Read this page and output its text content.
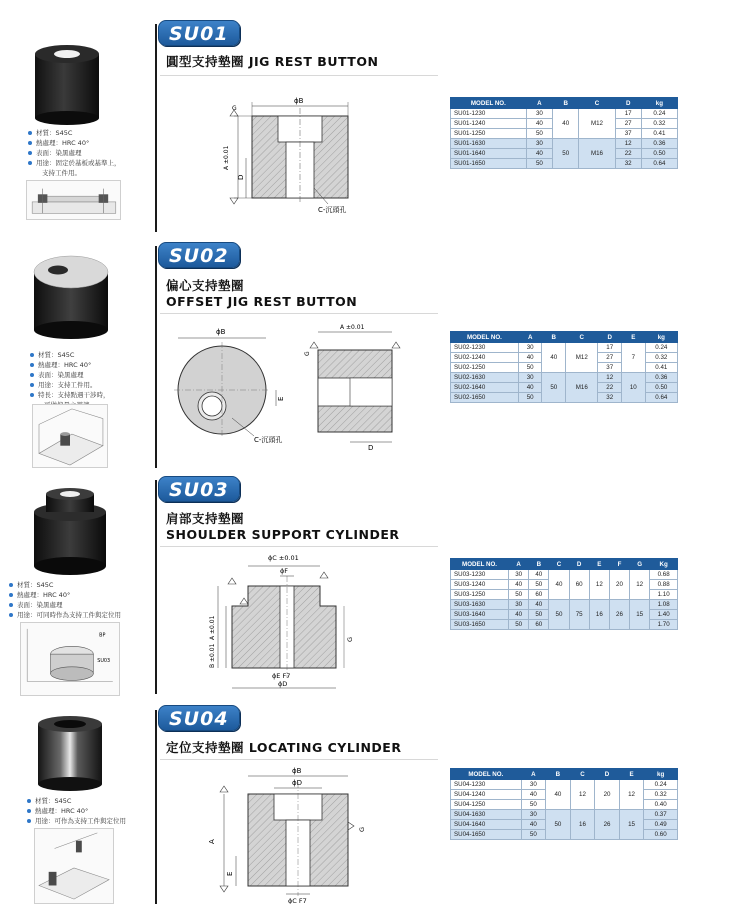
SU01
圓型支持墊圈 JIG REST BUTTON
材質：S45C
熱處理：HRC 40°
表面：染黑處理
用途：固定於基板或基準上，
支持工件用。
ϕB
A ±0.01
D
G
C-沉頭孔
MODEL NO.	A	B	C	D	kg
SU01-1230	30	40	M12	17	0.24
SU01-1240	40			27	0.32
SU01-1250	50			37	0.41
SU01-1630	30	50	M16	12	0.36
SU01-1640	40			22	0.50
SU01-1650	50			32	0.64
SU02
偏心支持墊圈
OFFSET JIG REST BUTTON
材質：S45C
熱處理：HRC 40°
表面：染黑處理
用途：支持工件用。
特長：支持點遇干涉時，
可做偏量之避讓。
ϕB
A ±0.01
E
D
G
C-沉頭孔
MODEL NO.	A	B	C	D	E	kg
SU02-1230	30	40	M12	17	7	0.24
SU02-1240	40			27		0.32
SU02-1250	50			37		0.41
SU02-1630	30	50	M16	12	10	0.36
SU02-1640	40			22		0.50
SU02-1650	50			32		0.64
SU03
肩部支持墊圈
SHOULDER SUPPORT CYLINDER
材質：S45C
熱處理：HRC 40°
表面：染黑處理
用途：可同時作為支持工件與定位用
BP
SU03
ϕC ±0.01
ϕF
A ±0.01
B ±0.01
ϕE F7
ϕD
G
MODEL NO.	A	B	C	D	E	F	G	Kg
SU03-1230	30	40	40	60	12	20	12	0.68
SU03-1240	40	50						0.88
SU03-1250	50	60						1.10
SU03-1630	30	40	50	75	16	26	15	1.08
SU03-1640	40	50						1.40
SU03-1650	50	60						1.70
SU04
定位支持墊圈 LOCATING CYLINDER
材質：S45C
熱處理：HRC 40°
用途：可作為支持工件與定位用
ϕB
ϕD
A
E
ϕC F7
G
MODEL NO.	A	B	C	D	E	kg
SU04-1230	30	40	12	20	12	0.24
SU04-1240	40					0.32
SU04-1250	50					0.40
SU04-1630	30	50	16	26	15	0.37
SU04-1640	40					0.49
SU04-1650	50					0.60
